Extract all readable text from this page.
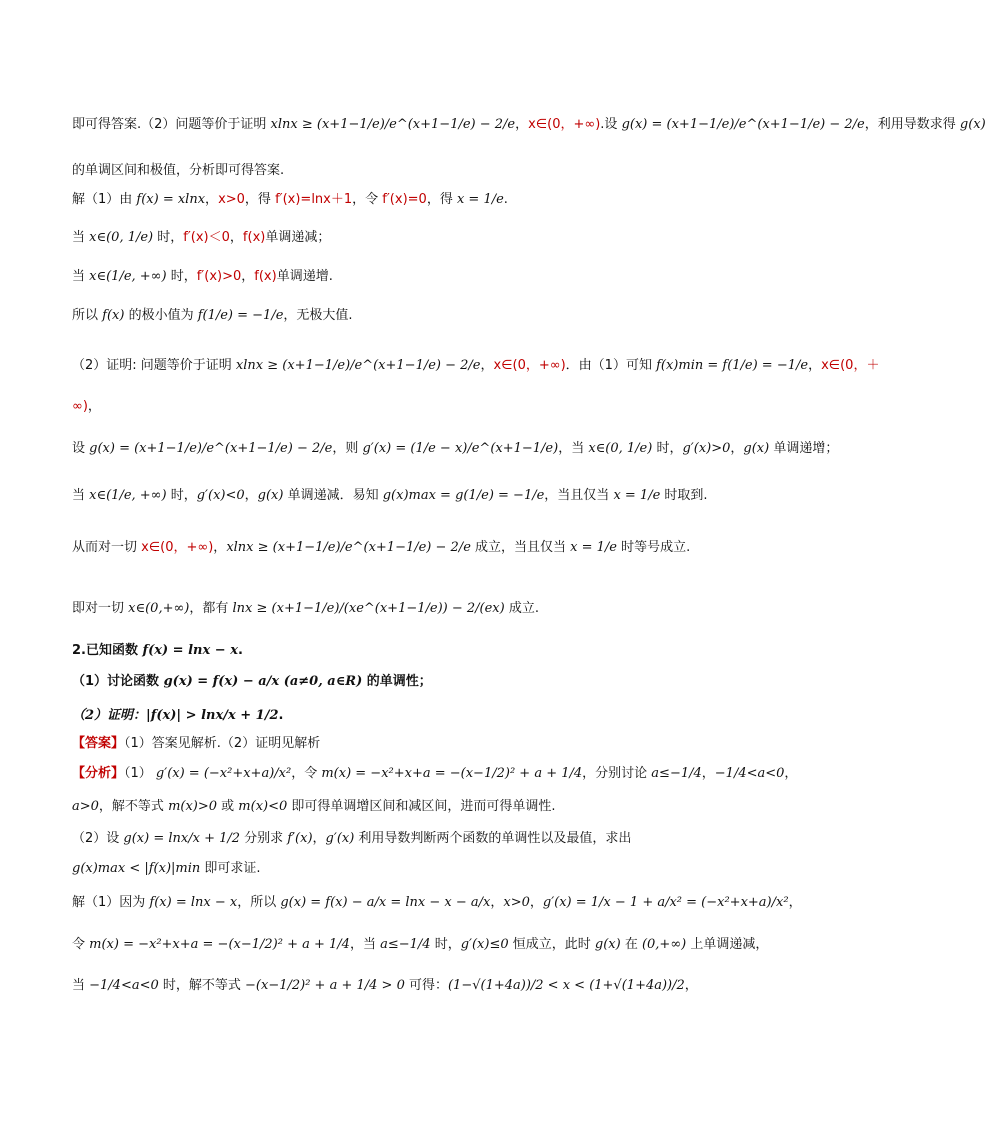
即可得答案.（2）问题等价于证明 xlnx ≥ (x+1−1/e)/e^(x+1−1/e) − 2/e，x∈(0，+∞).设 g(x) = (x+1−1/e)/e^(x+1−1/e) − 2/e，利用导数求得 g(x)
的单调区间和极值，分析即可得答案.
解（1）由 f(x) = xlnx，x>0，得 f′(x)=lnx＋1，令 f′(x)=0，得 x = 1/e.
当 x∈(0, 1/e) 时，f′(x)＜0，f(x)单调递减；
当 x∈(1/e, +∞) 时，f′(x)>0，f(x)单调递增.
所以 f(x) 的极小值为 f(1/e) = −1/e，无极大值.
（2）证明: 问题等价于证明 xlnx ≥ (x+1−1/e)/e^(x+1−1/e) − 2/e，x∈(0，+∞)．由（1）可知 f(x)min = f(1/e) = −1/e，x∈(0，＋
∞)，
设 g(x) = (x+1−1/e)/e^(x+1−1/e) − 2/e，则 g′(x) = (1/e − x)/e^(x+1−1/e)，当 x∈(0, 1/e) 时，g′(x)>0，g(x) 单调递增；
当 x∈(1/e, +∞) 时，g′(x)<0，g(x) 单调递减．易知 g(x)max = g(1/e) = −1/e，当且仅当 x = 1/e 时取到.
从而对一切 x∈(0，+∞)，xlnx ≥ (x+1−1/e)/e^(x+1−1/e) − 2/e 成立，当且仅当 x = 1/e 时等号成立.
即对一切 x∈(0,+∞)，都有 lnx ≥ (x+1−1/e)/(xe^(x+1−1/e)) − 2/(ex) 成立.
2.已知函数 f(x) = lnx − x.
（1）讨论函数 g(x) = f(x) − a/x (a≠0, a∈R) 的单调性；
（2）证明：|f(x)| > lnx/x + 1/2.
【答案】（1）答案见解析.（2）证明见解析
【分析】（1） g′(x) = (−x²+x+a)/x²，令 m(x) = −x²+x+a = −(x−1/2)² + a + 1/4，分别讨论 a≤−1/4，−1/4<a<0，
a>0，解不等式 m(x)>0 或 m(x)<0 即可得单调增区间和减区间，进而可得单调性.
（2）设 g(x) = lnx/x + 1/2 分别求 f′(x)，g′(x) 利用导数判断两个函数的单调性以及最值，求出
g(x)max < |f(x)|min 即可求证.
解（1）因为 f(x) = lnx − x，所以 g(x) = f(x) − a/x = lnx − x − a/x，x>0，g′(x) = 1/x − 1 + a/x² = (−x²+x+a)/x²，
令 m(x) = −x²+x+a = −(x−1/2)² + a + 1/4，当 a≤−1/4 时，g′(x)≤0 恒成立，此时 g(x) 在 (0,+∞) 上单调递减，
当 −1/4<a<0 时，解不等式 −(x−1/2)² + a + 1/4 > 0 可得：(1−√(1+4a))/2 < x < (1+√(1+4a))/2，
